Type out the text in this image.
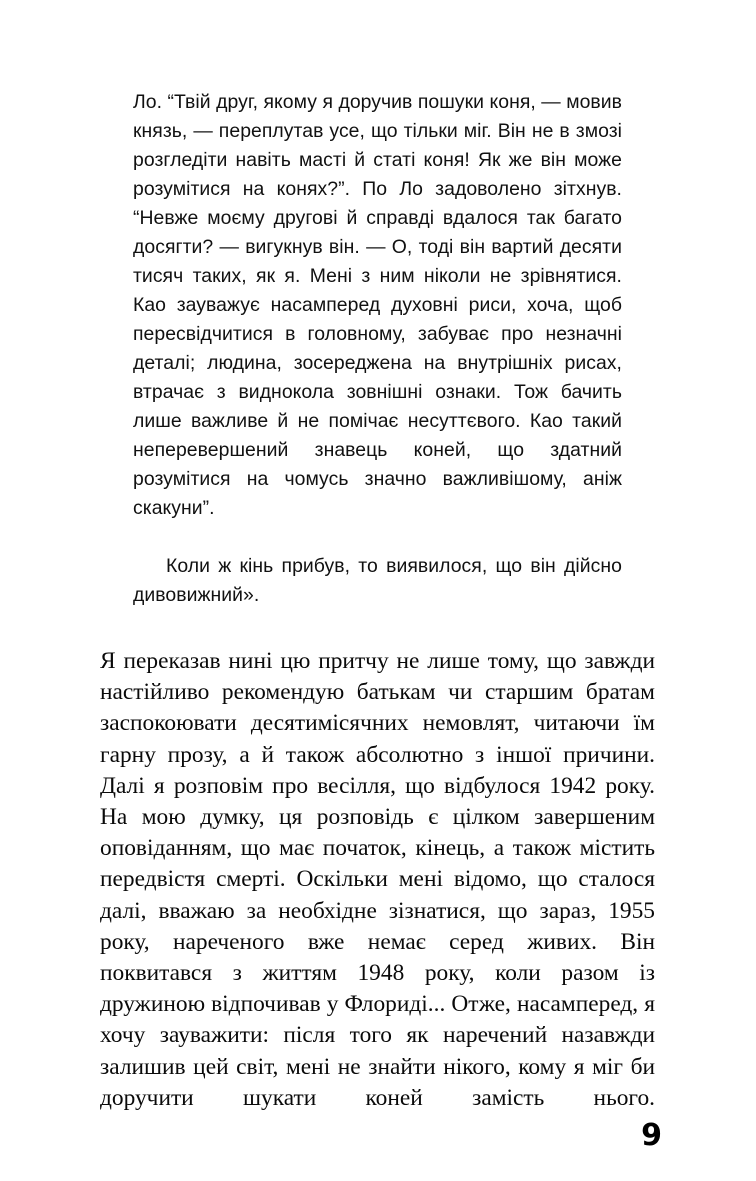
Ло. “Твій друг, якому я доручив пошуки коня, — мовив князь, — переплутав усе, що тільки міг. Він не в змозі розгледіти навіть масті й статі коня! Як же він може розумітися на конях?”. По Ло задоволено зітхнув. “Невже моєму другові й справді вдалося так багато досягти? — вигукнув він. — О, тоді він вартий десяти тисяч таких, як я. Мені з ним ніколи не зрівнятися. Као зауважує насамперед духовні риси, хоча, щоб пересвідчитися в головному, забуває про незначні деталі; людина, зосереджена на внутрішніх рисах, втрачає з виднокола зовнішні ознаки. Тож бачить лише важливе й не помічає несуттєвого. Као такий неперевершений знавець коней, що здатний розумітися на чомусь значно важливішому, аніж скакуни”.

Коли ж кінь прибув, то виявилося, що він дійсно дивовижний».

Я переказав нині цю притчу не лише тому, що завжди настійливо рекомендую батькам чи старшим братам заспокоювати десятимісячних немовлят, читаючи їм гарну прозу, а й також абсолютно з іншої причини. Далі я розповім про весілля, що відбулося 1942 року. На мою думку, ця розповідь є цілком завершеним оповіданням, що має початок, кінець, а також містить передвістя смерті. Оскільки мені відомо, що сталося далі, вважаю за необхідне зізнатися, що зараз, 1955 року, нареченого вже немає серед живих. Він поквитався з життям 1948 року, коли разом із дружиною відпочивав у Флориді... Отже, насамперед, я хочу зауважити: після того як наречений назавжди залишив цей світ, мені не знайти нікого, кому я міг би доручити шукати коней замість нього.

9
